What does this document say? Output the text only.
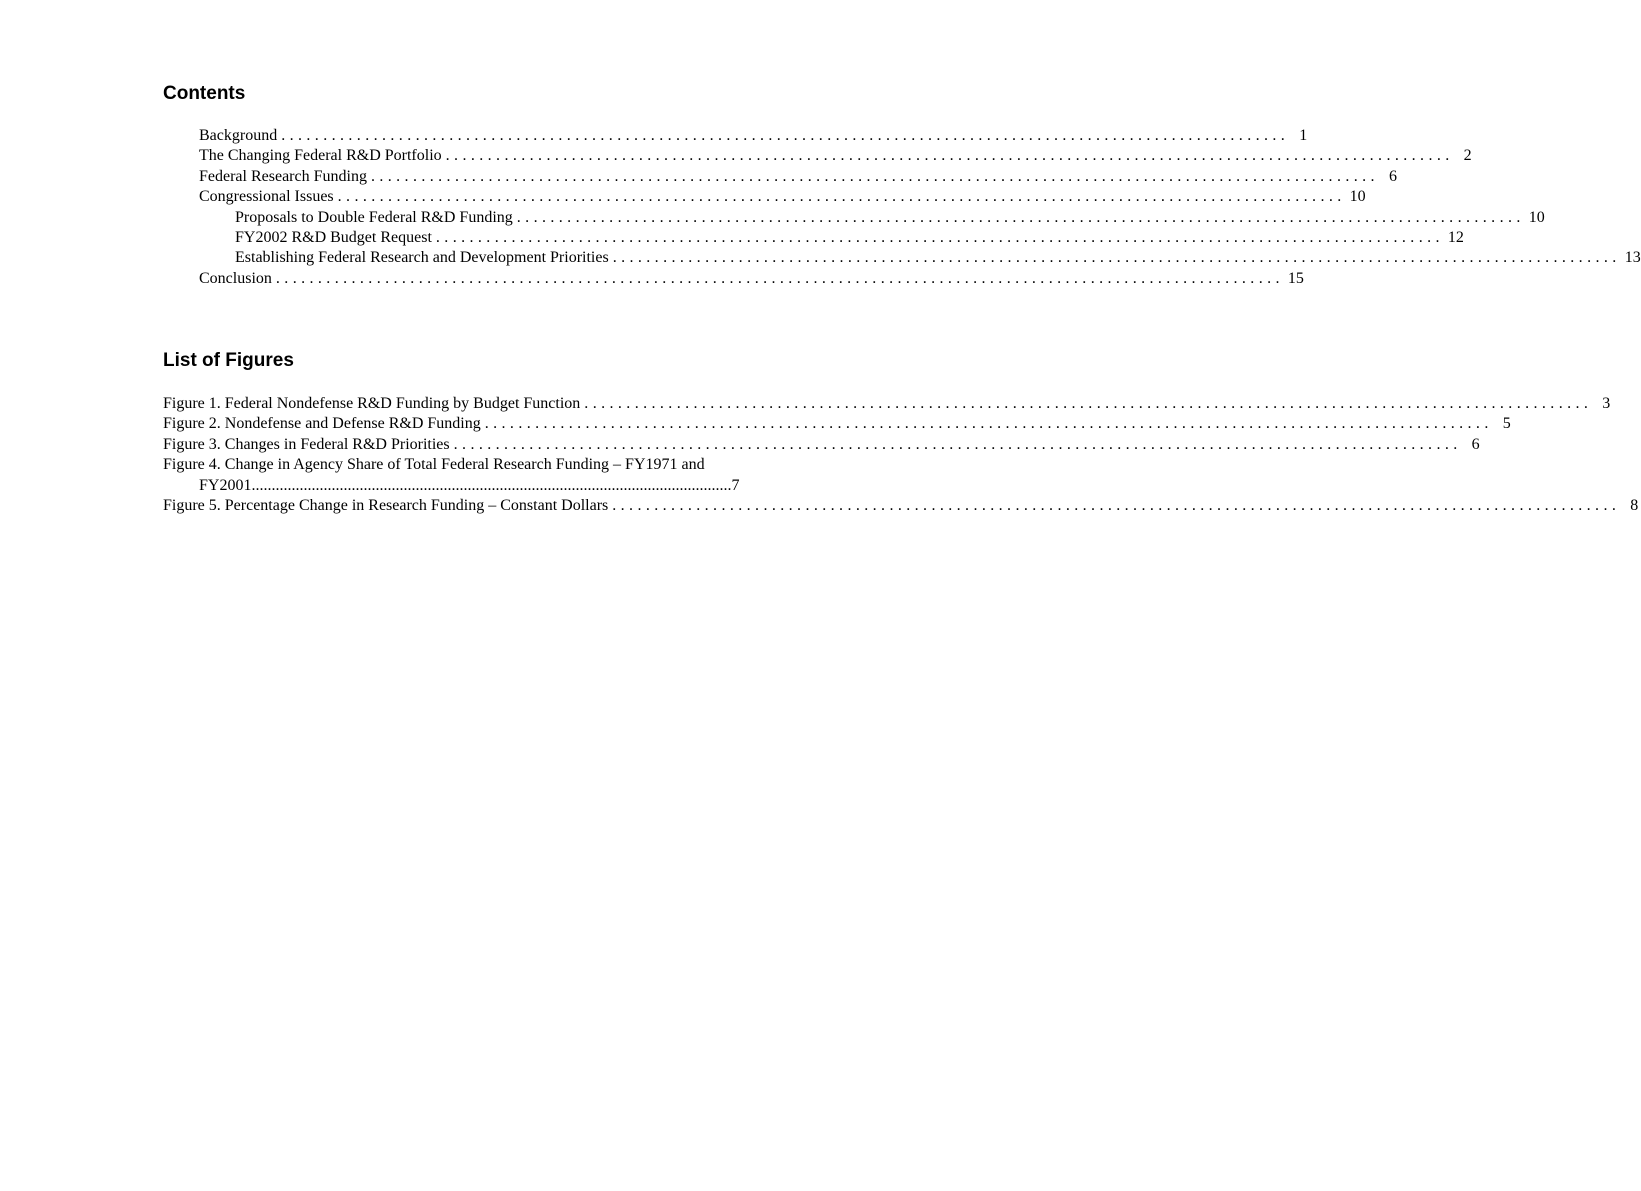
Contents
Background ........................................................................................................................ 1
The Changing Federal R&D Portfolio ........................................................................................................................ 2
Federal Research Funding ........................................................................................................................ 6
Congressional Issues ........................................................................................................................ 10
Proposals to Double Federal R&D Funding ........................................................................................................................ 10
FY2002 R&D Budget Request ........................................................................................................................ 12
Establishing Federal Research and Development Priorities ........................................................................................................................ 13
Conclusion ........................................................................................................................ 15
List of Figures
Figure 1. Federal Nondefense R&D Funding by Budget Function ........................................................................................................................ 3
Figure 2. Nondefense and Defense R&D Funding ........................................................................................................................ 5
Figure 3. Changes in Federal R&D Priorities ........................................................................................................................ 6
Figure 4. Change in Agency Share of Total Federal Research Funding – FY1971 and
FY2001 ........................................................................................................................ 7
Figure 5. Percentage Change in Research Funding – Constant Dollars ........................................................................................................................ 8
